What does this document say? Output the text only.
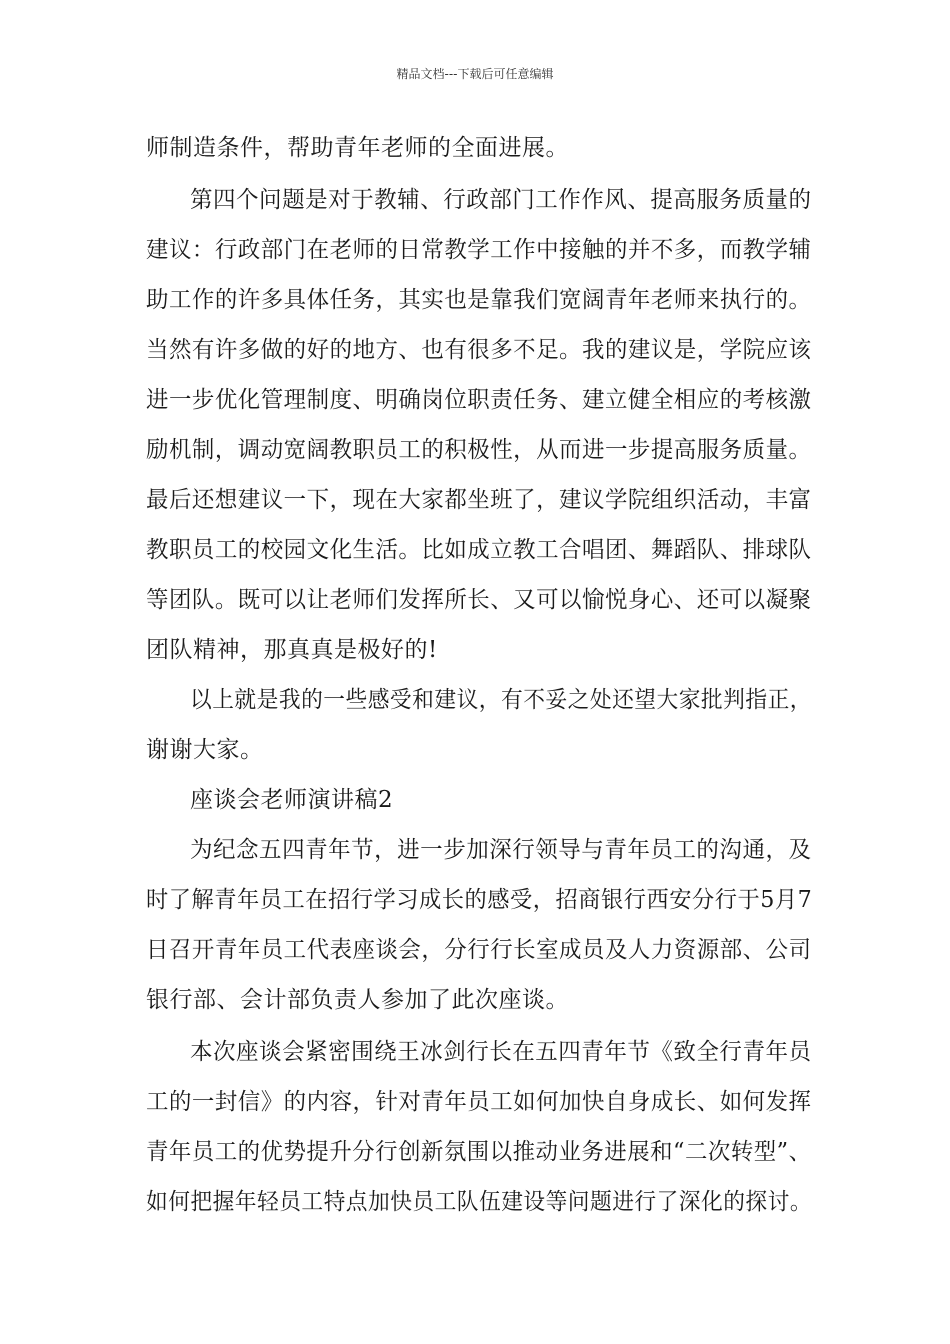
精品文档---下载后可任意编辑
师制造条件，帮助青年老师的全面进展。
第四个问题是对于教辅、行政部门工作作风、提高服务质量的
建议：行政部门在老师的日常教学工作中接触的并不多，而教学辅
助工作的许多具体任务，其实也是靠我们宽阔青年老师来执行的。
当然有许多做的好的地方、也有很多不足。我的建议是，学院应该
进一步优化管理制度、明确岗位职责任务、建立健全相应的考核激
励机制，调动宽阔教职员工的积极性，从而进一步提高服务质量。
最后还想建议一下，现在大家都坐班了，建议学院组织活动，丰富
教职员工的校园文化生活。比如成立教工合唱团、舞蹈队、排球队
等团队。既可以让老师们发挥所长、又可以愉悦身心、还可以凝聚
团队精神，那真真是极好的!
以上就是我的一些感受和建议，有不妥之处还望大家批判指正，
谢谢大家。
座谈会老师演讲稿2
为纪念五四青年节，进一步加深行领导与青年员工的沟通，及
时了解青年员工在招行学习成长的感受，招商银行西安分行于5月7
日召开青年员工代表座谈会，分行行长室成员及人力资源部、公司
银行部、会计部负责人参加了此次座谈。
本次座谈会紧密围绕王冰剑行长在五四青年节《致全行青年员
工的一封信》的内容，针对青年员工如何加快自身成长、如何发挥
青年员工的优势提升分行创新氛围以推动业务进展和“二次转型”、
如何把握年轻员工特点加快员工队伍建设等问题进行了深化的探讨。
